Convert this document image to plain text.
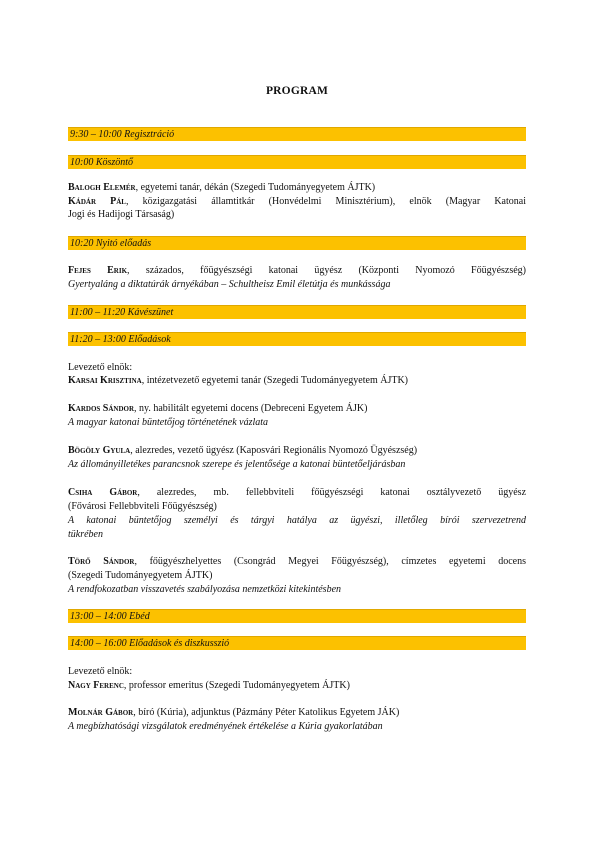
PROGRAM
9:30 – 10:00 Regisztráció
10:00 Köszöntő
Balogh Elemér, egyetemi tanár, dékán (Szegedi Tudományegyetem ÁJTK)
Kádár Pál, közigazgatási államtitkár (Honvédelmi Minisztérium), elnök (Magyar Katonai
Jogi és Hadijogi Társaság)
10:20 Nyitó előadás
Fejes Erik, százados, főügyészségi katonai ügyész (Központi Nyomozó Főügyészség)
Gyertyaláng a diktatúrák árnyékában – Schultheisz Emil életútja és munkássága
11:00 – 11:20 Kávészünet
11:20 – 13:00 Előadások
Levezető elnök:
Karsai Krisztina, intézetvezető egyetemi tanár (Szegedi Tudományegyetem ÁJTK)
Kardos Sándor, ny. habilitált egyetemi docens (Debreceni Egyetem ÁJK)
A magyar katonai büntetőjog történetének vázlata
Bögöly Gyula, alezredes, vezető ügyész (Kaposvári Regionális Nyomozó Ügyészség)
Az állományilletékes parancsnok szerepe és jelentősége a katonai büntetőeljárásban
Csiha Gábor, alezredes, mb. fellebbviteli főügyészségi katonai osztályvezető ügyész
(Fővárosi Fellebbviteli Főügyészség)
A katonai büntetőjog személyi és tárgyi hatálya az ügyészi, illetőleg bírói szervezetrend
tükrében
Törő Sándor, főügyészhelyettes (Csongrád Megyei Főügyészség), címzetes egyetemi docens
(Szegedi Tudományegyetem ÁJTK)
A rendfokozatban visszavetés szabályozása nemzetközi kitekintésben
13:00 – 14:00 Ebéd
14:00 – 16:00 Előadások és diszkusszió
Levezető elnök:
Nagy Ferenc, professor emeritus (Szegedi Tudományegyetem ÁJTK)
Molnár Gábor, bíró (Kúria), adjunktus (Pázmány Péter Katolikus Egyetem JÁK)
A megbízhatósági vizsgálatok eredményének értékelése a Kúria gyakorlatában
